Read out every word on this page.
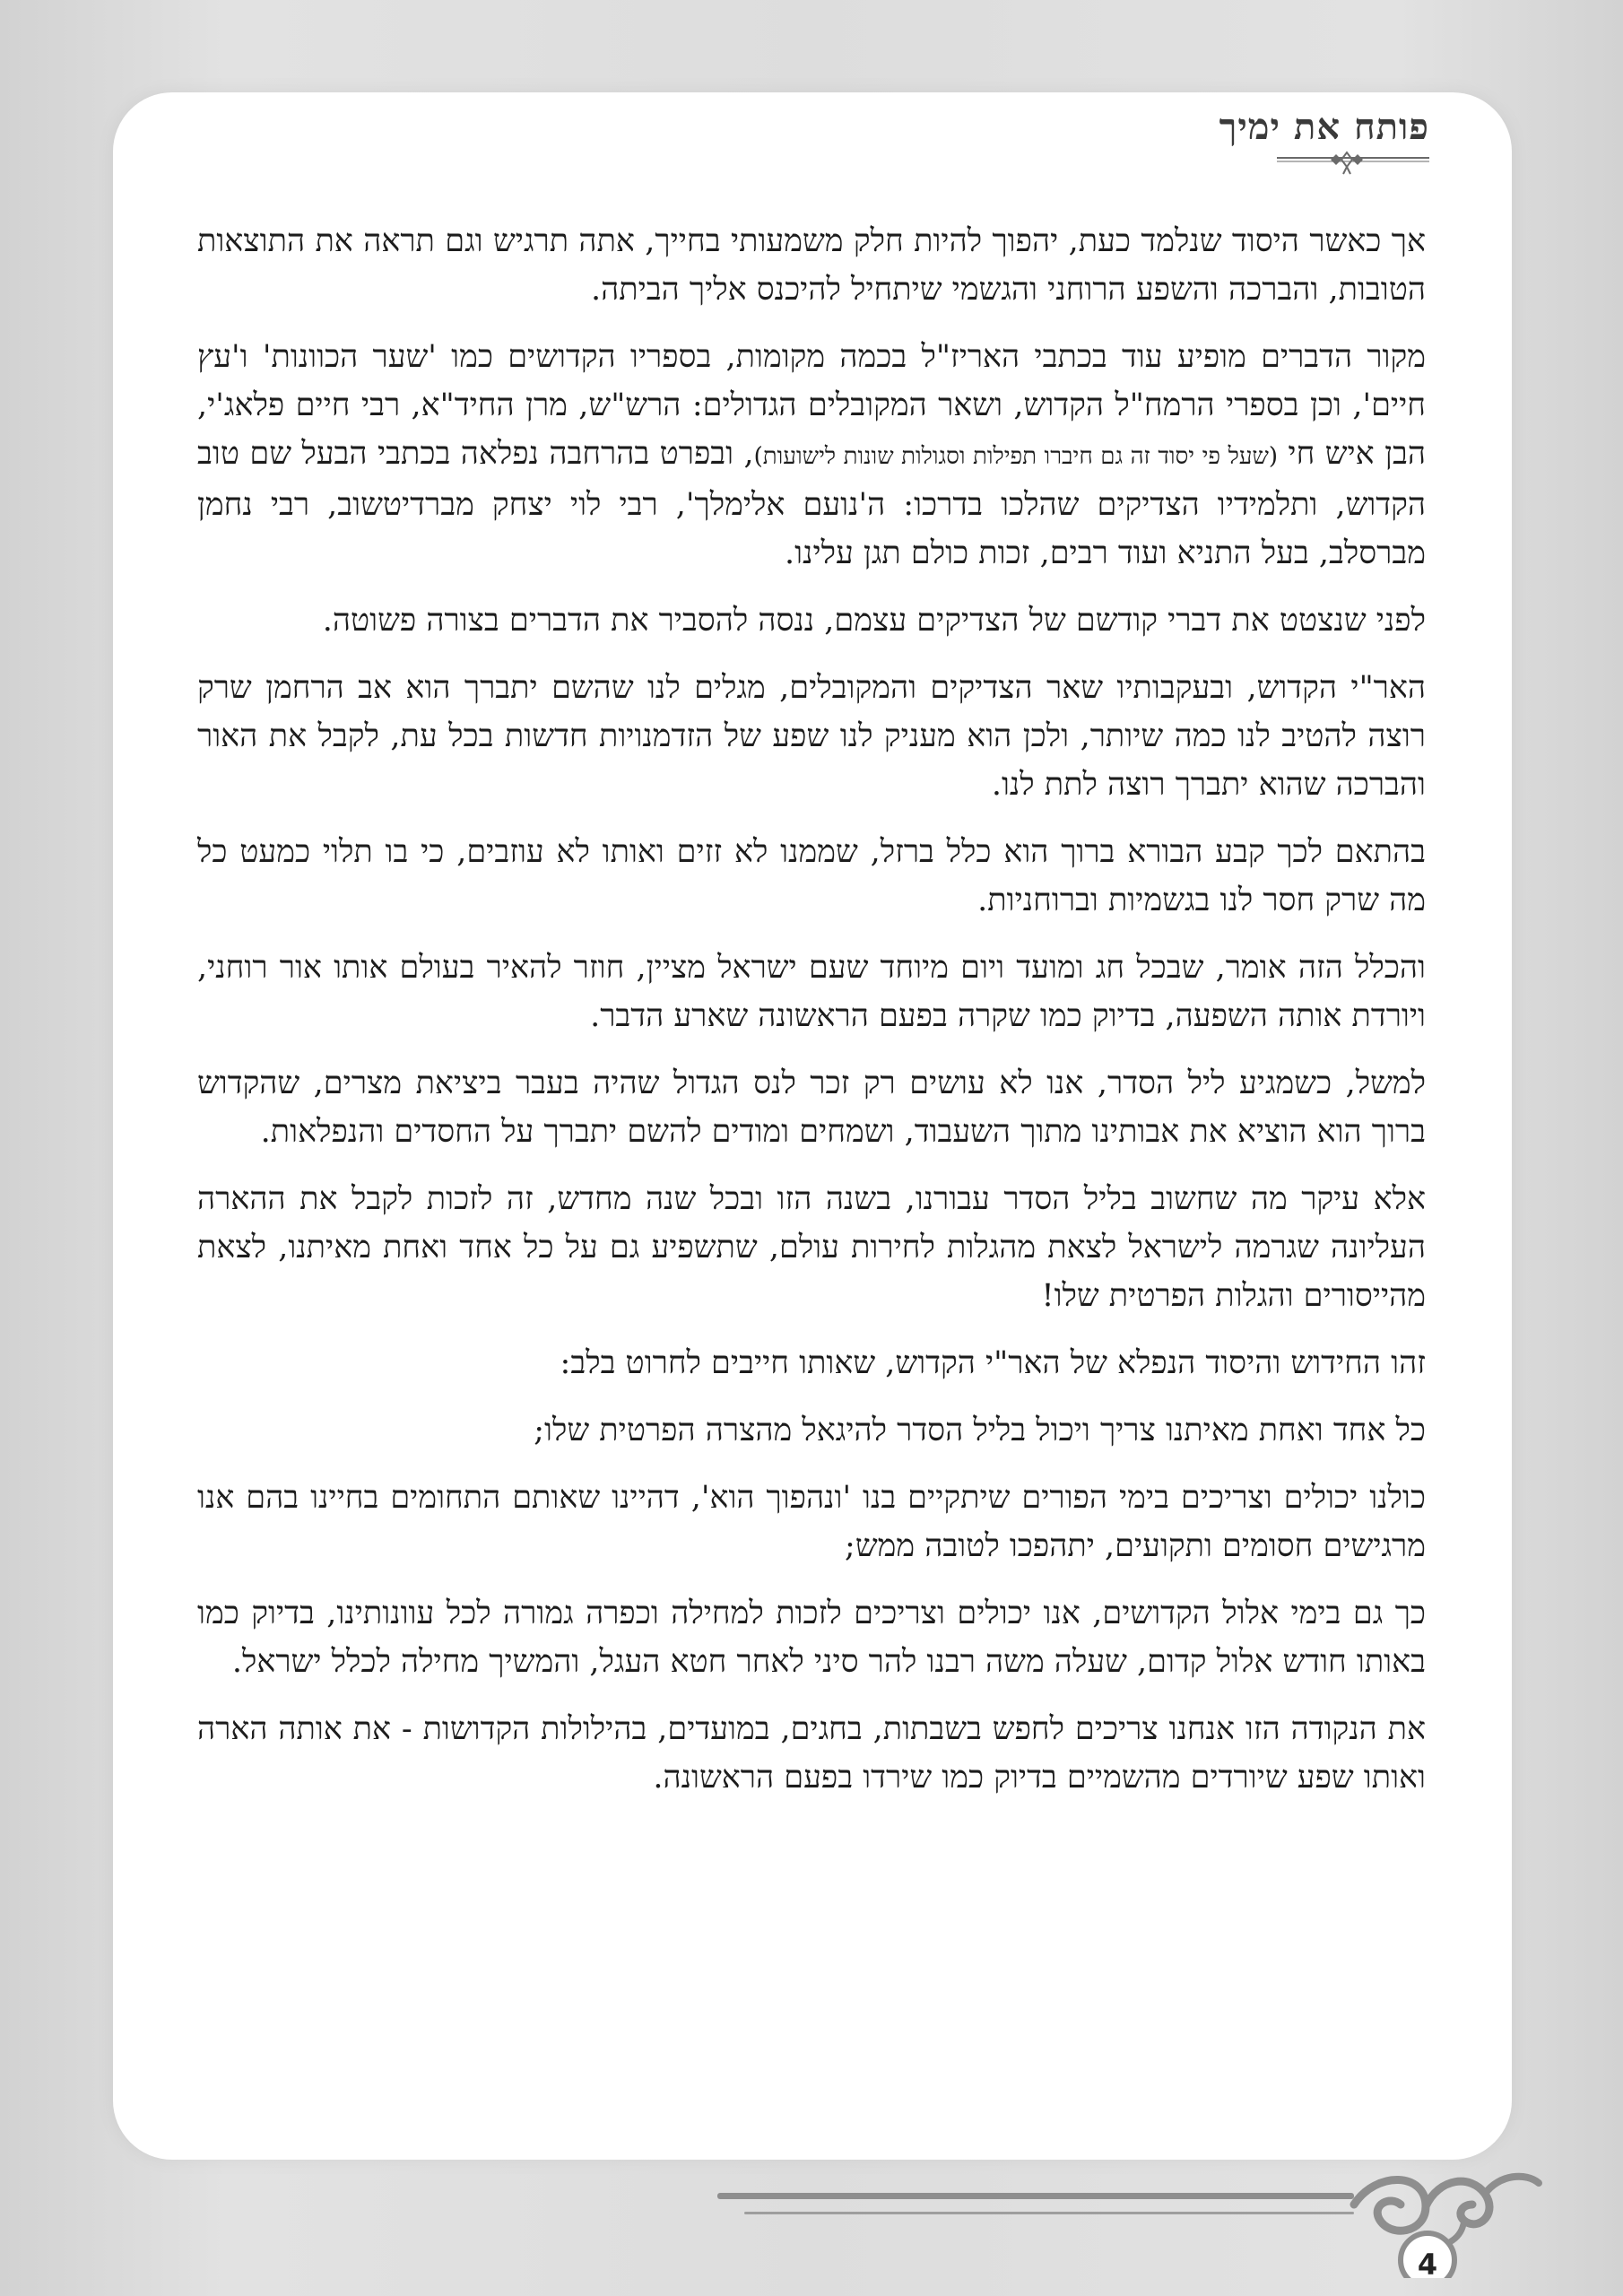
פותח את ימיך

אך כאשר היסוד שנלמד כעת, יהפוך להיות חלק משמעותי בחייך, אתה תרגיש וגם תראה את התוצאות הטובות, והברכה והשפע הרוחני והגשמי שיתחיל להיכנס אליך הביתה.

מקור הדברים מופיע עוד בכתבי האריז"ל בכמה מקומות, בספריו הקדושים כמו 'שער הכוונות' ו'עץ חיים', וכן בספרי הרמח"ל הקדוש, ושאר המקובלים הגדולים: הרש"ש, מרן החיד"א, רבי חיים פלאג'י, הבן איש חי (שעל פי יסוד זה גם חיברו תפילות וסגולות שונות לישועות), ובפרט בהרחבה נפלאה בכתבי הבעל שם טוב הקדוש, ותלמידיו הצדיקים שהלכו בדרכו: ה'נועם אלימלך', רבי לוי יצחק מברדיטשוב, רבי נחמן מברסלב, בעל התניא ועוד רבים, זכות כולם תגן עלינו.

לפני שנצטט את דברי קודשם של הצדיקים עצמם, ננסה להסביר את הדברים בצורה פשוטה.

האר"י הקדוש, ובעקבותיו שאר הצדיקים והמקובלים, מגלים לנו שהשם יתברך הוא אב הרחמן שרק רוצה להטיב לנו כמה שיותר, ולכן הוא מעניק לנו שפע של הזדמנויות חדשות בכל עת, לקבל את האור והברכה שהוא יתברך רוצה לתת לנו.

בהתאם לכך קבע הבורא ברוך הוא כלל ברזל, שממנו לא זזים ואותו לא עוזבים, כי בו תלוי כמעט כל מה שרק חסר לנו בגשמיות וברוחניות.

והכלל הזה אומר, שבכל חג ומועד ויום מיוחד שעם ישראל מציין, חוזר להאיר בעולם אותו אור רוחני, ויורדת אותה השפעה, בדיוק כמו שקרה בפעם הראשונה שארע הדבר.

למשל, כשמגיע ליל הסדר, אנו לא עושים רק זכר לנס הגדול שהיה בעבר ביציאת מצרים, שהקדוש ברוך הוא הוציא את אבותינו מתוך השעבוד, ושמחים ומודים להשם יתברך על החסדים והנפלאות.

אלא עיקר מה שחשוב בליל הסדר עבורנו, בשנה הזו ובכל שנה מחדש, זה לזכות לקבל את ההארה העליונה שגרמה לישראל לצאת מהגלות לחירות עולם, שתשפיע גם על כל אחד ואחת מאיתנו, לצאת מהייסורים והגלות הפרטית שלו!

זהו החידוש והיסוד הנפלא של האר"י הקדוש, שאותו חייבים לחרוט בלב:

כל אחד ואחת מאיתנו צריך ויכול בליל הסדר להיגאל מהצרה הפרטית שלו;

כולנו יכולים וצריכים בימי הפורים שיתקיים בנו 'ונהפוך הוא', דהיינו שאותם התחומים בחיינו בהם אנו מרגישים חסומים ותקועים, יתהפכו לטובה ממש;

כך גם בימי אלול הקדושים, אנו יכולים וצריכים לזכות למחילה וכפרה גמורה לכל עוונותינו, בדיוק כמו באותו חודש אלול קדום, שעלה משה רבנו להר סיני לאחר חטא העגל, והמשיך מחילה לכלל ישראל.

את הנקודה הזו אנחנו צריכים לחפש בשבתות, בחגים, במועדים, בהילולות הקדושות - את אותה הארה ואותו שפע שיורדים מהשמיים בדיוק כמו שירדו בפעם הראשונה.

4
